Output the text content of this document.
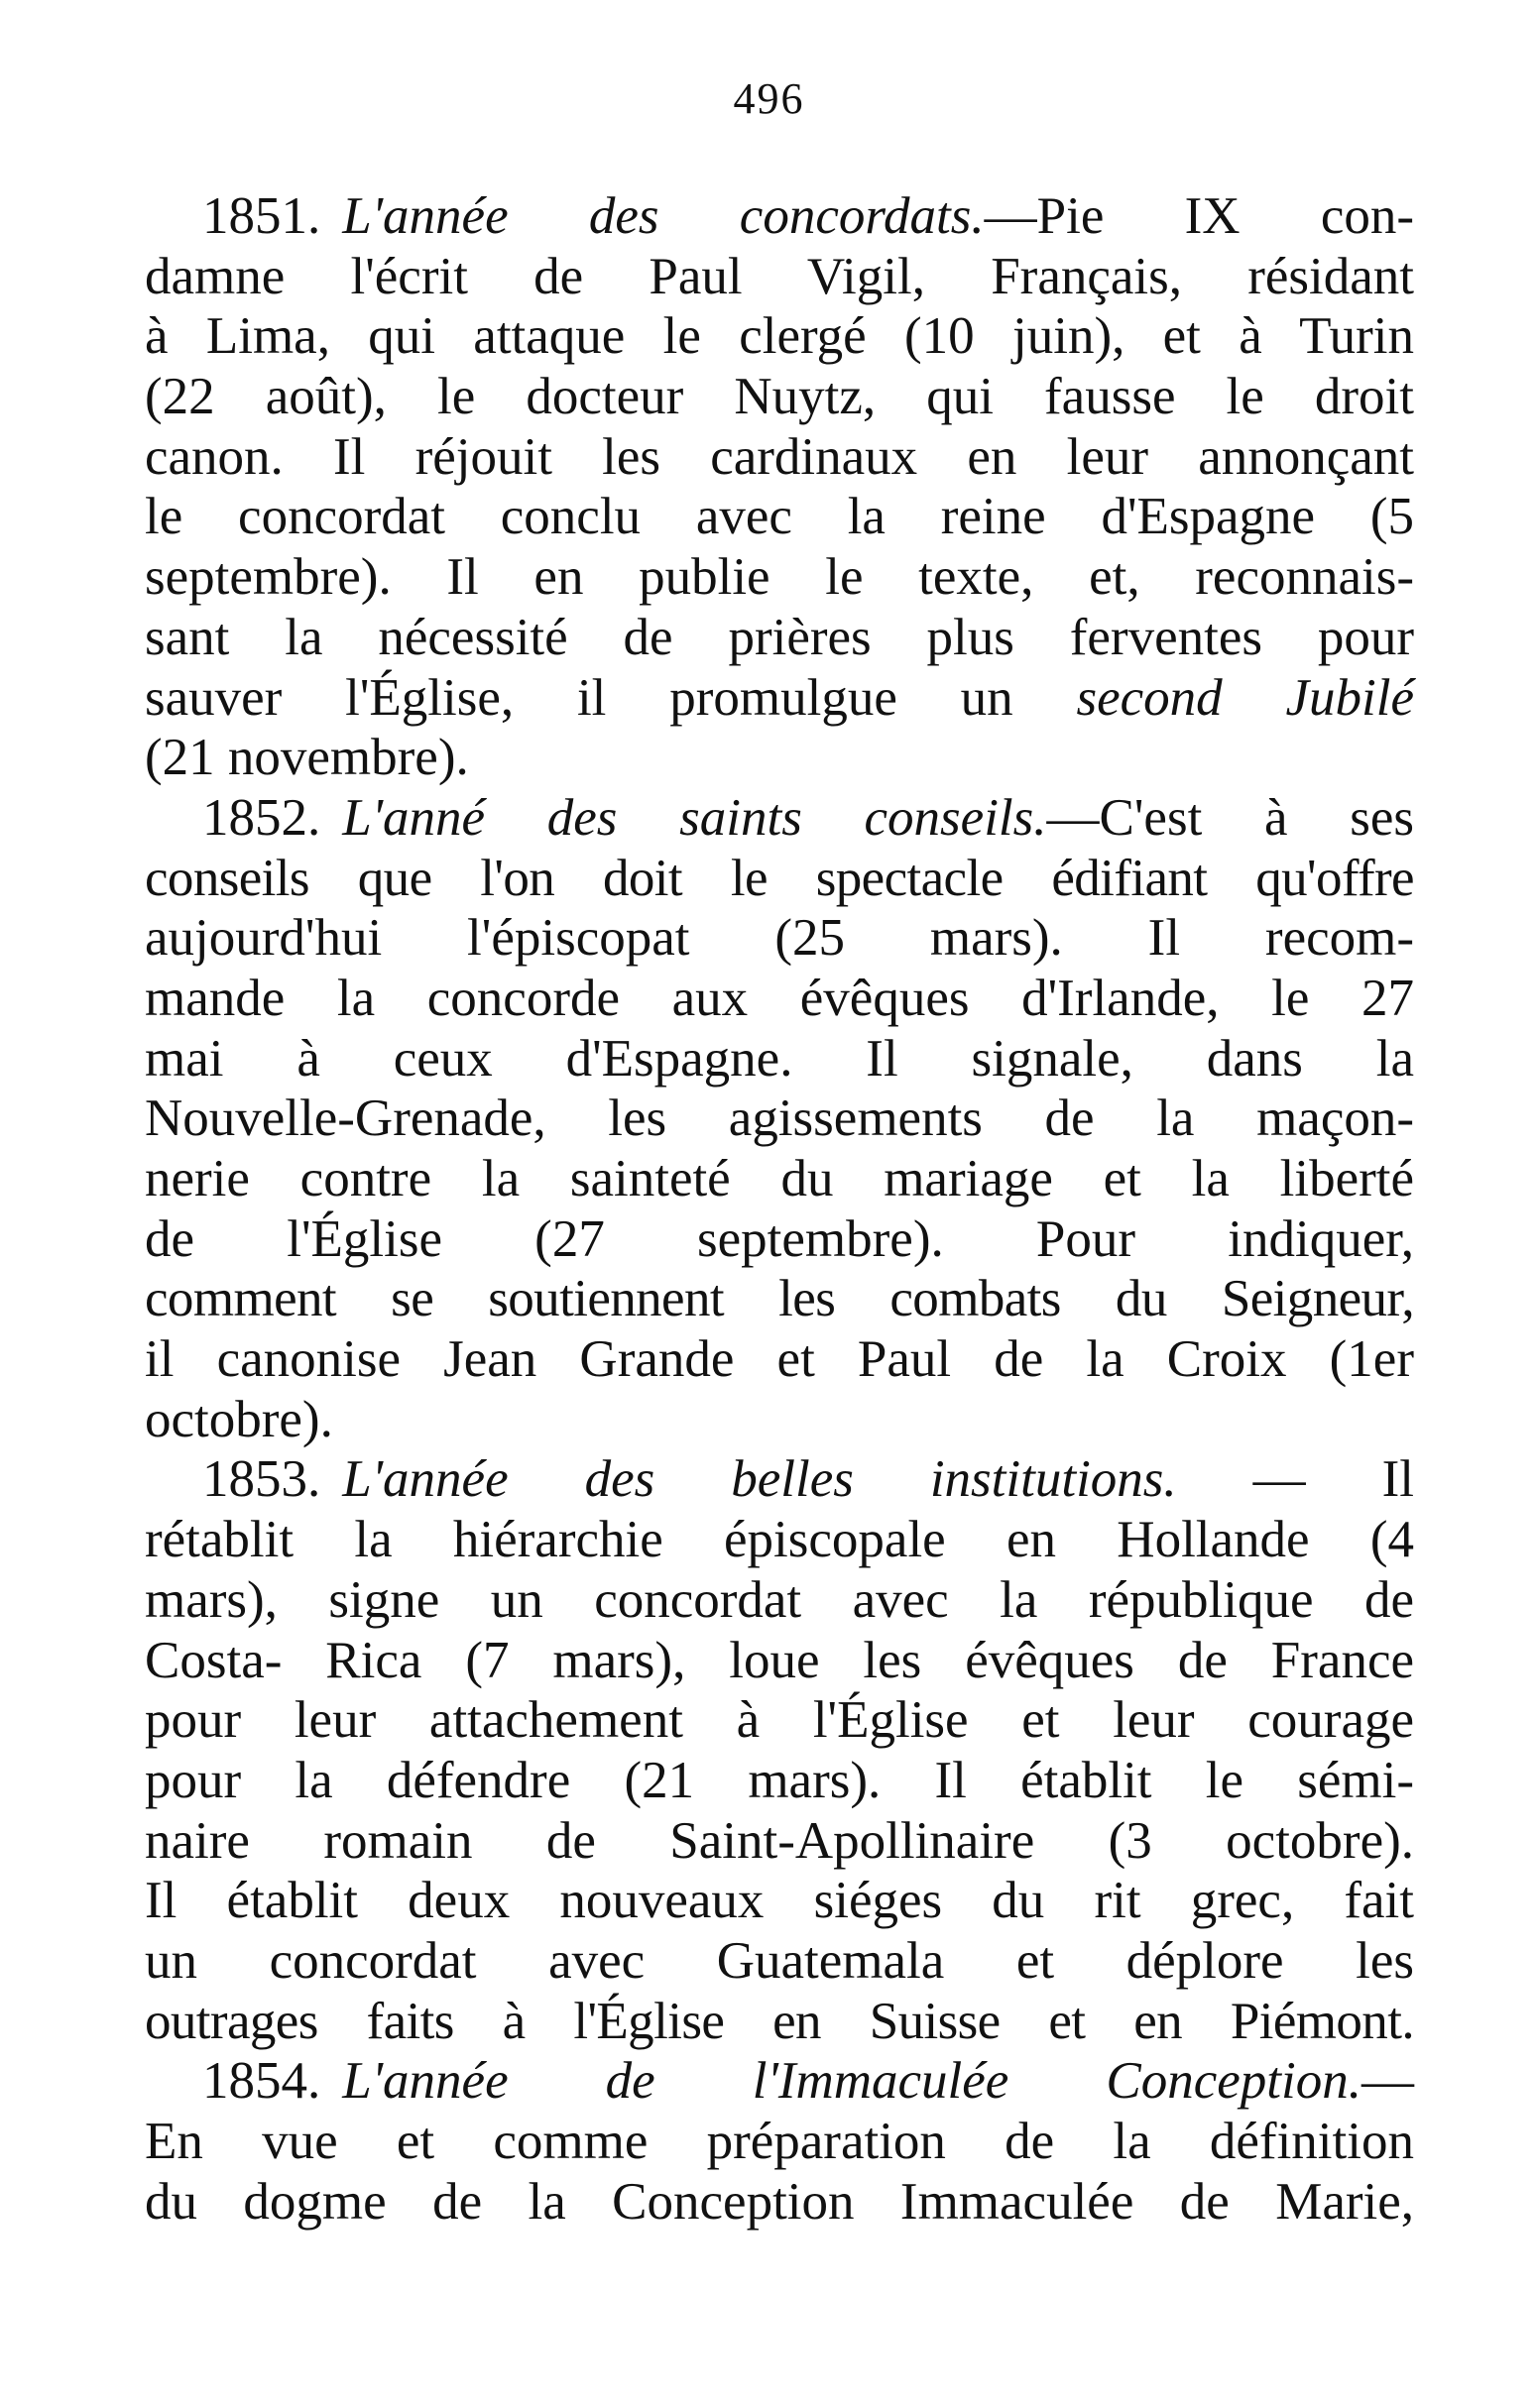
496
1851. L'année des concordats.—Pie IX con-
damne l'écrit de Paul Vigil, Français, résidant
à Lima, qui attaque le clergé (10 juin), et à Turin
(22 août), le docteur Nuytz, qui fausse le droit
canon. Il réjouit les cardinaux en leur annonçant
le concordat conclu avec la reine d'Espagne (5
septembre). Il en publie le texte, et, reconnais-
sant la nécessité de prières plus ferventes pour
sauver l'Église, il promulgue un second Jubilé
(21 novembre).
1852. L'anné des saints conseils.—C'est à ses
conseils que l'on doit le spectacle édifiant qu'offre
aujourd'hui l'épiscopat (25 mars). Il recom-
mande la concorde aux évêques d'Irlande, le 27
mai à ceux d'Espagne. Il signale, dans la
Nouvelle-Grenade, les agissements de la maçon-
nerie contre la sainteté du mariage et la liberté
de l'Église (27 septembre). Pour indiquer,
comment se soutiennent les combats du Seigneur,
il canonise Jean Grande et Paul de la Croix (1er
octobre).
1853. L'année des belles institutions. — Il
rétablit la hiérarchie épiscopale en Hollande (4
mars), signe un concordat avec la république de
Costa- Rica (7 mars), loue les évêques de France
pour leur attachement à l'Église et leur courage
pour la défendre (21 mars). Il établit le sémi-
naire romain de Saint-Apollinaire (3 octobre).
Il établit deux nouveaux siéges du rit grec, fait
un concordat avec Guatemala et déplore les
outrages faits à l'Église en Suisse et en Piémont.
1854. L'année de l'Immaculée Conception.—
En vue et comme préparation de la définition
du dogme de la Conception Immaculée de Marie,
